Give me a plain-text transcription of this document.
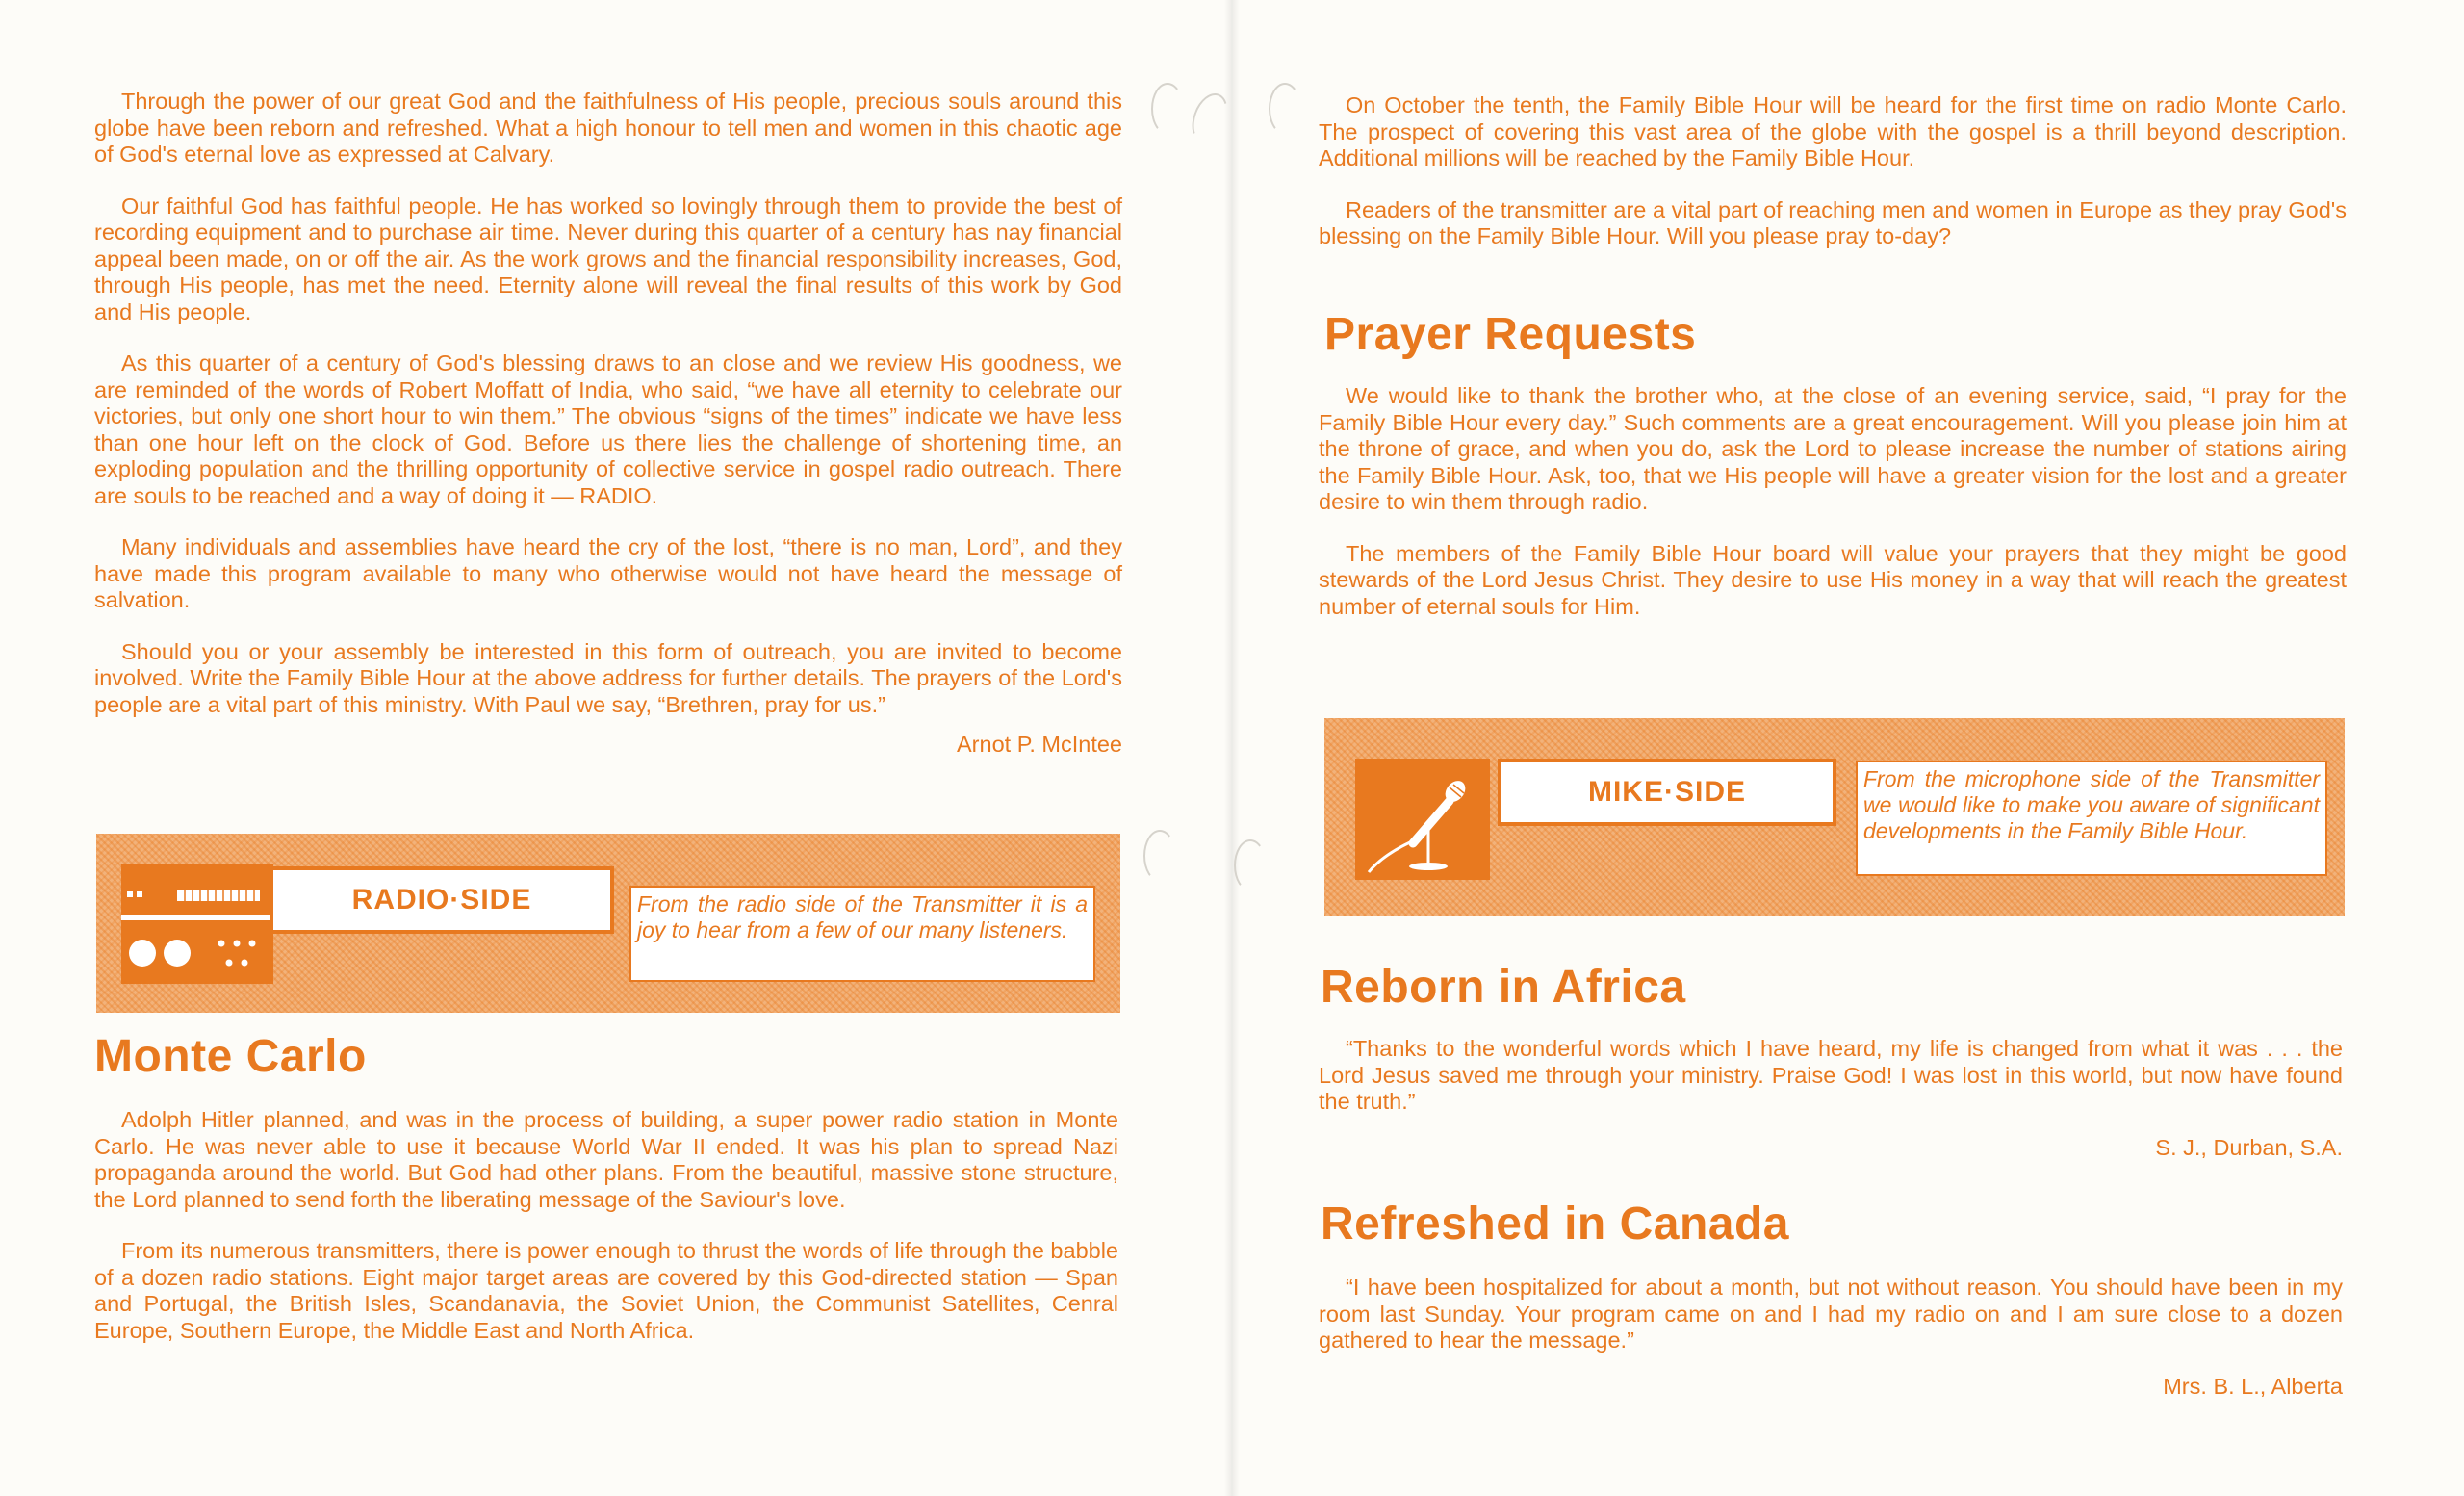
Through the power of our great God and the faithfulness of His people, precious souls around this globe have been reborn and refreshed. What a high honour to tell men and women in this chaotic age of God's eternal love as expressed at Calvary.

Our faithful God has faithful people. He has worked so lovingly through them to provide the best of recording equipment and to purchase air time. Never during this quarter of a century has nay financial appeal been made, on or off the air. As the work grows and the financial responsibility increases, God, through His people, has met the need. Eternity alone will reveal the final results of this work by God and His people.

As this quarter of a century of God's blessing draws to an close and we review His goodness, we are reminded of the words of Robert Moffatt of India, who said, “we have all eternity to celebrate our victories, but only one short hour to win them.” The obvious “signs of the times” indicate we have less than one hour left on the clock of God. Before us there lies the challenge of shortening time, an exploding population and the thrilling opportunity of collective service in gospel radio outreach. There are souls to be reached and a way of doing it — RADIO.

Many individuals and assemblies have heard the cry of the lost, “there is no man, Lord”, and they have made this program available to many who otherwise would not have heard the message of salvation.

Should you or your assembly be interested in this form of outreach, you are invited to become involved. Write the Family Bible Hour at the above address for further details. The prayers of the Lord's people are a vital part of this ministry. With Paul we say, “Brethren, pray for us.”

Arnot P. McIntee

RADIO·SIDE	From the radio side of the Transmitter it is a joy to hear from a few of our many listeners.
Monte Carlo

Adolph Hitler planned, and was in the process of building, a super power radio station in Monte Carlo. He was never able to use it because World War II ended. It was his plan to spread Nazi propaganda around the world. But God had other plans. From the beautiful, massive stone structure, the Lord planned to send forth the liberating message of the Saviour's love.

From its numerous transmitters, there is power enough to thrust the words of life through the babble of a dozen radio stations. Eight major target areas are covered by this God-directed station — Span and Portugal, the British Isles, Scandanavia, the Soviet Union, the Communist Satellites, Cenral Europe, Southern Europe, the Middle East and North Africa.

On October the tenth, the Family Bible Hour will be heard for the first time on radio Monte Carlo. The prospect of covering this vast area of the globe with the gospel is a thrill beyond description. Additional millions will be reached by the Family Bible Hour.

Readers of the transmitter are a vital part of reaching men and women in Europe as they pray God's blessing on the Family Bible Hour. Will you please pray to-day?

Prayer Requests

We would like to thank the brother who, at the close of an evening service, said, “I pray for the Family Bible Hour every day.” Such comments are a great encouragement. Will you please join him at the throne of grace, and when you do, ask the Lord to please increase the number of stations airing the Family Bible Hour. Ask, too, that we His people will have a greater vision for the lost and a greater desire to win them through radio.

The members of the Family Bible Hour board will value your prayers that they might be good stewards of the Lord Jesus Christ. They desire to use His money in a way that will reach the greatest number of eternal souls for Him.

MIKE·SIDE	From the microphone side of the Transmitter we would like to make you aware of significant developments in the Family Bible Hour.
Reborn in Africa

“Thanks to the wonderful words which I have heard, my life is changed from what it was . . . the Lord Jesus saved me through your ministry. Praise God! I was lost in this world, but now have found the truth.”

S. J., Durban, S.A.

Refreshed in Canada

“I have been hospitalized for about a month, but not without reason. You should have been in my room last Sunday. Your program came on and I had my radio on and I am sure close to a dozen gathered to hear the message.”

Mrs. B. L., Alberta
